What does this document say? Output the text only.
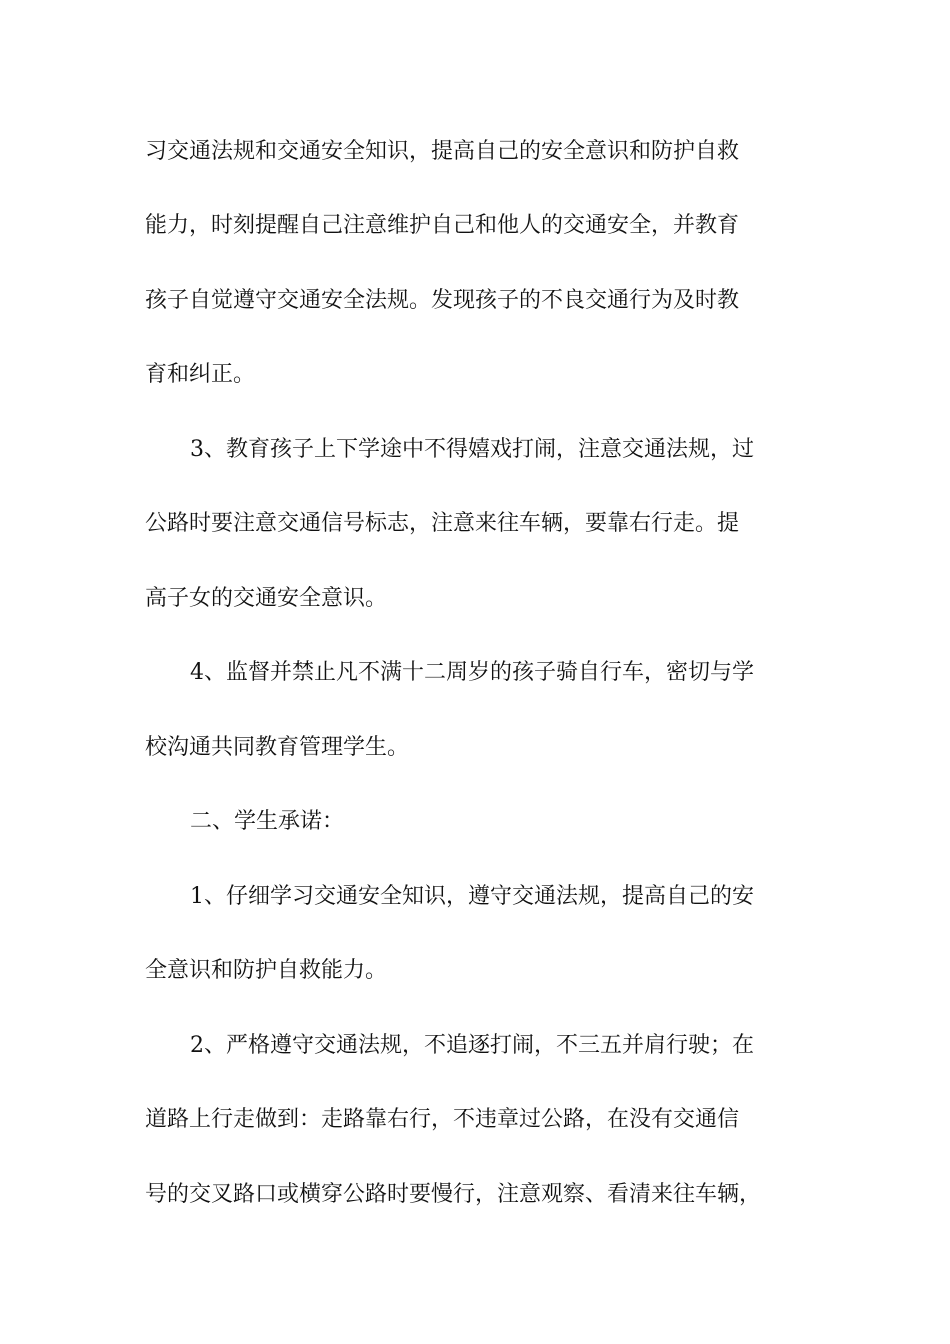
习交通法规和交通安全知识，提高自己的安全意识和防护自救
能力，时刻提醒自己注意维护自己和他人的交通安全，并教育
孩子自觉遵守交通安全法规。发现孩子的不良交通行为及时教
育和纠正。
3、教育孩子上下学途中不得嬉戏打闹，注意交通法规，过
公路时要注意交通信号标志，注意来往车辆，要靠右行走。提
高子女的交通安全意识。
4、监督并禁止凡不满十二周岁的孩子骑自行车，密切与学
校沟通共同教育管理学生。
二、学生承诺：
1、仔细学习交通安全知识，遵守交通法规，提高自己的安
全意识和防护自救能力。
2、严格遵守交通法规，不追逐打闹，不三五并肩行驶；在
道路上行走做到：走路靠右行，不违章过公路，在没有交通信
号的交叉路口或横穿公路时要慢行，注意观察、看清来往车辆，
